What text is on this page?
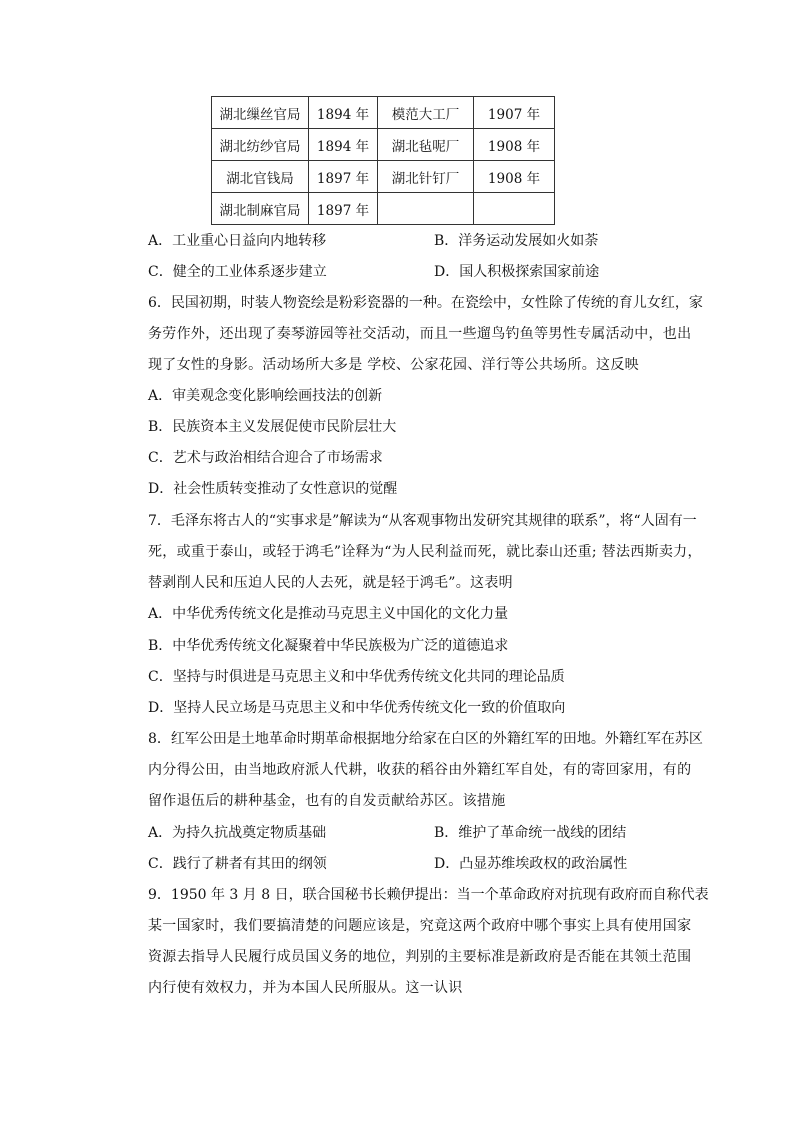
湖北缫丝官局	1894 年	模范大工厂	1907 年
湖北纺纱官局	1894 年	湖北毡呢厂	1908 年
湖北官钱局	1897 年	湖北针钉厂	1908 年
湖北制麻官局	1897 年		
A．工业重心日益向内地转移	B．洋务运动发展如火如荼
C．健全的工业体系逐步建立	D．国人积极探索国家前途
6．民国初期，时装人物瓷绘是粉彩瓷器的一种。在瓷绘中，女性除了传统的育儿女红，家
务劳作外，还出现了奏琴游园等社交活动，而且一些遛鸟钓鱼等男性专属活动中，也出
现了女性的身影。活动场所大多是 学校、公家花园、洋行等公共场所。这反映
A．审美观念变化影响绘画技法的创新
B．民族资本主义发展促使市民阶层壮大
C．艺术与政治相结合迎合了市场需求
D．社会性质转变推动了女性意识的觉醒
7．毛泽东将古人的“实事求是”解读为“从客观事物出发研究其规律的联系”，将“人固有一
死，或重于泰山，或轻于鸿毛”诠释为“为人民利益而死，就比泰山还重; 替法西斯卖力，
替剥削人民和压迫人民的人去死，就是轻于鸿毛”。这表明
A．中华优秀传统文化是推动马克思主义中国化的文化力量
B．中华优秀传统文化凝聚着中华民族极为广泛的道德追求
C．坚持与时俱进是马克思主义和中华优秀传统文化共同的理论品质
D．坚持人民立场是马克思主义和中华优秀传统文化一致的价值取向
8．红军公田是土地革命时期革命根据地分给家在白区的外籍红军的田地。外籍红军在苏区
内分得公田，由当地政府派人代耕，收获的稻谷由外籍红军自处，有的寄回家用，有的
留作退伍后的耕种基金，也有的自发贡献给苏区。该措施
A．为持久抗战奠定物质基础	B．维护了革命统一战线的团结
C．践行了耕者有其田的纲领	D．凸显苏维埃政权的政治属性
9．1950 年 3 月 8 日，联合国秘书长赖伊提出：当一个革命政府对抗现有政府而自称代表
某一国家时，我们要搞清楚的问题应该是，究竟这两个政府中哪个事实上具有使用国家
资源去指导人民履行成员国义务的地位，判别的主要标准是新政府是否能在其领土范围
内行使有效权力，并为本国人民所服从。这一认识
